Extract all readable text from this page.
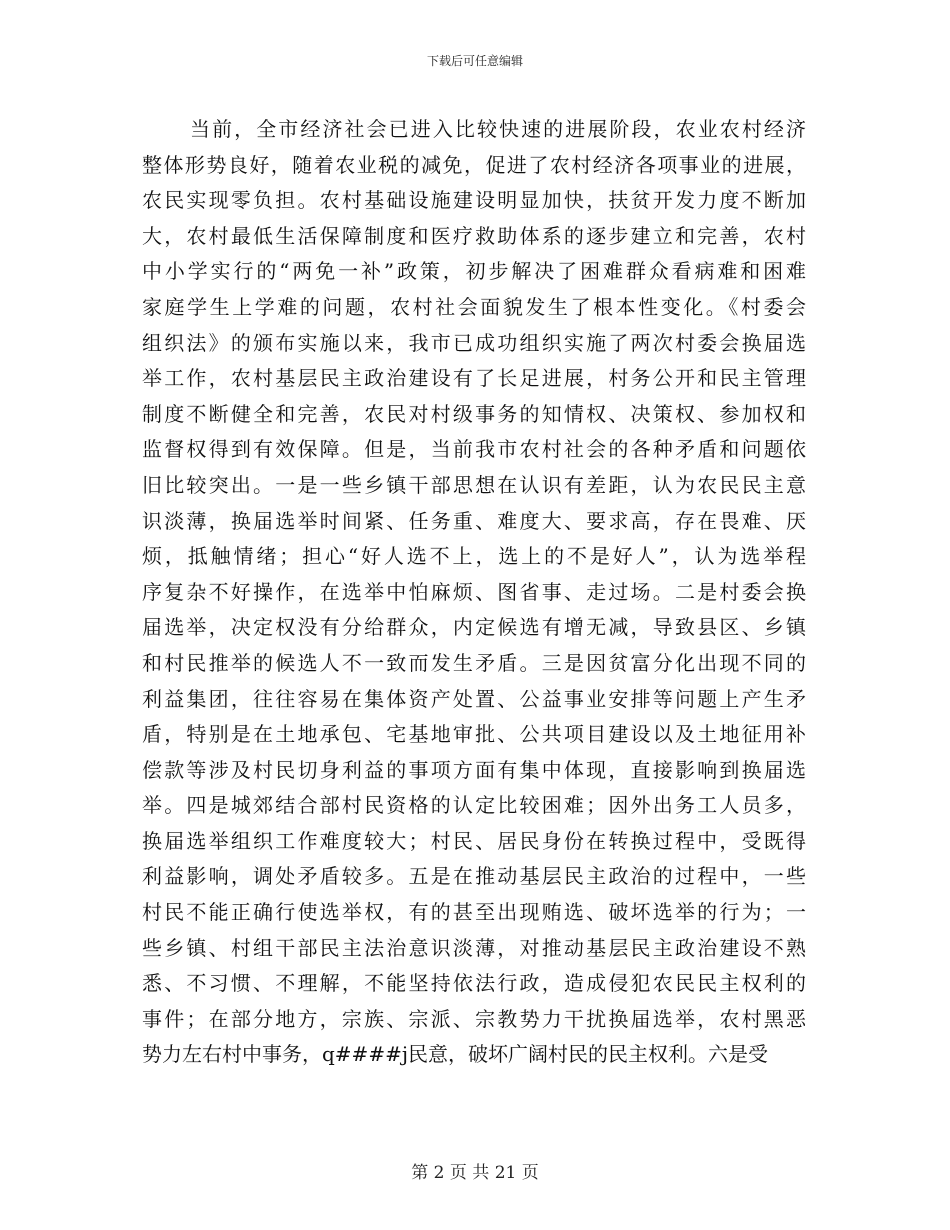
下载后可任意编辑
当前，全市经济社会已进入比较快速的进展阶段，农业农村经济
整体形势良好，随着农业税的减免，促进了农村经济各项事业的进展，
农民实现零负担。农村基础设施建设明显加快，扶贫开发力度不断加
大，农村最低生活保障制度和医疗救助体系的逐步建立和完善，农村
中小学实行的“两免一补”政策，初步解决了困难群众看病难和困难
家庭学生上学难的问题，农村社会面貌发生了根本性变化。《村委会
组织法》的颁布实施以来，我市已成功组织实施了两次村委会换届选
举工作，农村基层民主政治建设有了长足进展，村务公开和民主管理
制度不断健全和完善，农民对村级事务的知情权、决策权、参加权和
监督权得到有效保障。但是，当前我市农村社会的各种矛盾和问题依
旧比较突出。一是一些乡镇干部思想在认识有差距，认为农民民主意
识淡薄，换届选举时间紧、任务重、难度大、要求高，存在畏难、厌
烦，抵触情绪；担心“好人选不上，选上的不是好人”，认为选举程
序复杂不好操作，在选举中怕麻烦、图省事、走过场。二是村委会换
届选举，决定权没有分给群众，内定候选有增无减，导致县区、乡镇
和村民推举的候选人不一致而发生矛盾。三是因贫富分化出现不同的
利益集团，往往容易在集体资产处置、公益事业安排等问题上产生矛
盾，特别是在土地承包、宅基地审批、公共项目建设以及土地征用补
偿款等涉及村民切身利益的事项方面有集中体现，直接影响到换届选
举。四是城郊结合部村民资格的认定比较困难；因外出务工人员多，
换届选举组织工作难度较大；村民、居民身份在转换过程中，受既得
利益影响，调处矛盾较多。五是在推动基层民主政治的过程中，一些
村民不能正确行使选举权，有的甚至出现贿选、破坏选举的行为；一
些乡镇、村组干部民主法治意识淡薄，对推动基层民主政治建设不熟
悉、不习惯、不理解，不能坚持依法行政，造成侵犯农民民主权利的
事件；在部分地方，宗族、宗派、宗教势力干扰换届选举，农村黑恶
势力左右村中事务，q####j民意，破坏广阔村民的民主权利。六是受
第 2 页 共 21 页
